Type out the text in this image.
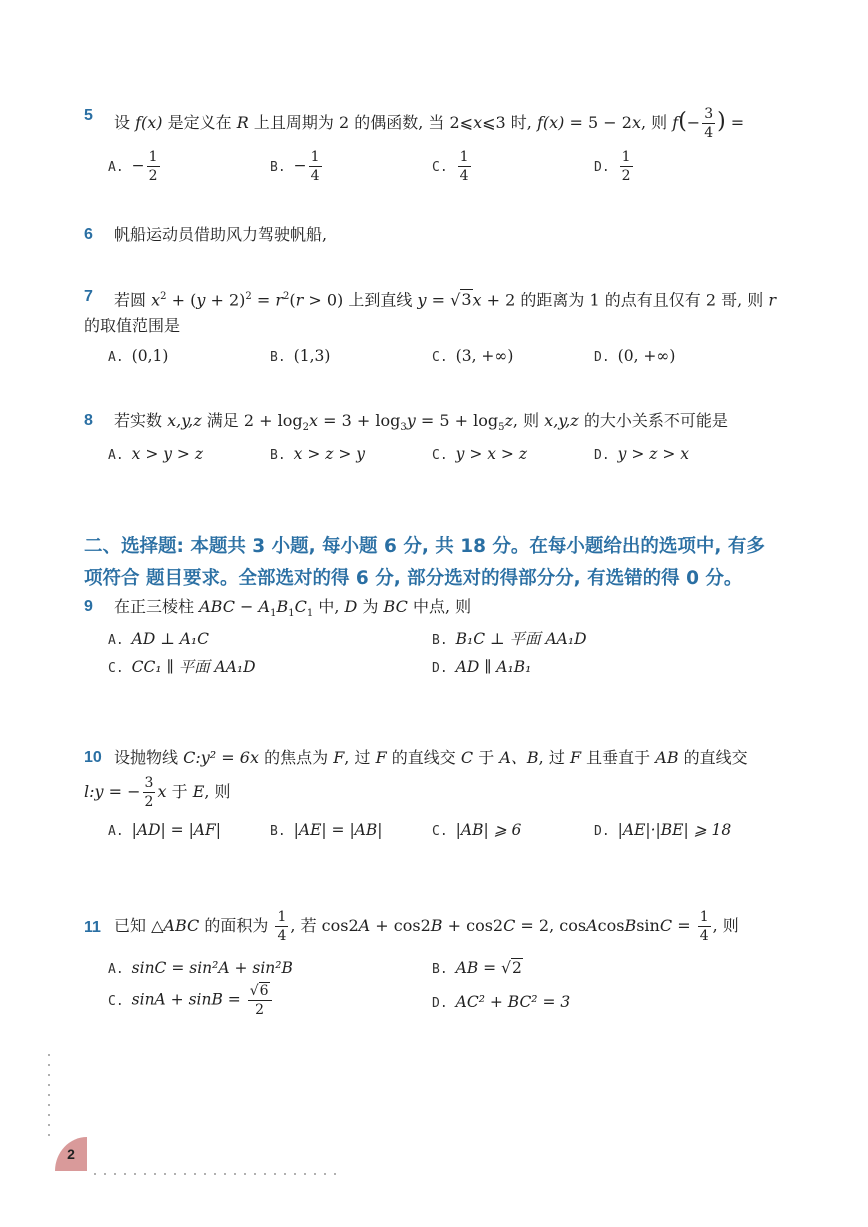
5 设 f(x) 是定义在 R 上且周期为 2 的偶函数, 当 2⩽x⩽3 时, f(x) = 5 − 2x, 则 $f(- \frac{3}{4}$ ) =
A. − $\frac{1}{2}$	B. − $\frac{1}{4}$	C. $\frac{1}{4}$	D. $\frac{1}{2}$
6 帆船运动员借助风力驾驶帆船,
7 若圆 $x^2 + (y + 2)^2 = r^2(r > 0)$ 上到直线 y = √3x + 2 的距离为 1 的点有且仅有 2 哥, 则 r
的取值范围是
A. (0,1)	B. (1,3)	C. (3, +∞)	D. (0, +∞)
8 若实数 x,y,z 满足 $2 + \log_2x = 3 + \log_3y = 5 + \log_5z$, 则 x,y,z 的大小关系不可能是
A. x > y > z	B. x > z > y	C. y > x > z	D. y > z > x
二、选择题: 本题共 3 小题, 每小题 6 分, 共 18 分。在每小题给出的选项中, 有多
项符合 题目要求。全部选对的得 6 分, 部分选对的得部分分, 有选错的得 0 分。
9 在正三棱柱 ABC − $A_1B_1C_1$ 中, D 为 BC 中点, 则
A. AD ⊥ A₁C	B. B₁C ⊥ 平面 AA₁D
C. CC₁ ∥ 平面 AA₁D	D. AD ∥ A₁B₁
10 设抛物线 C:y² = 6x 的焦点为 F, 过 F 的直线交 C 于 A、B, 过 F 且垂直于 AB 的直线交
l:y = − $\frac{3}{2}$ x 于 E, 则
A. |AD| = |AF|	B. |AE| = |AB|	C. |AB| ⩾ 6	D. |AE|·|BE| ⩾ 18
11 已知 △ABC 的面积为 $\frac{1}{4}$ , 若 cos2A + cos2B + cos2C = 2, cosAcosBsinC = $\frac{1}{4}$ , 则
A. sinC = sin²A + sin²B	B. AB = √2
C. $\sin A + \sin B = \frac{√6}{2}$	D. AC² + BC² = 3
2
